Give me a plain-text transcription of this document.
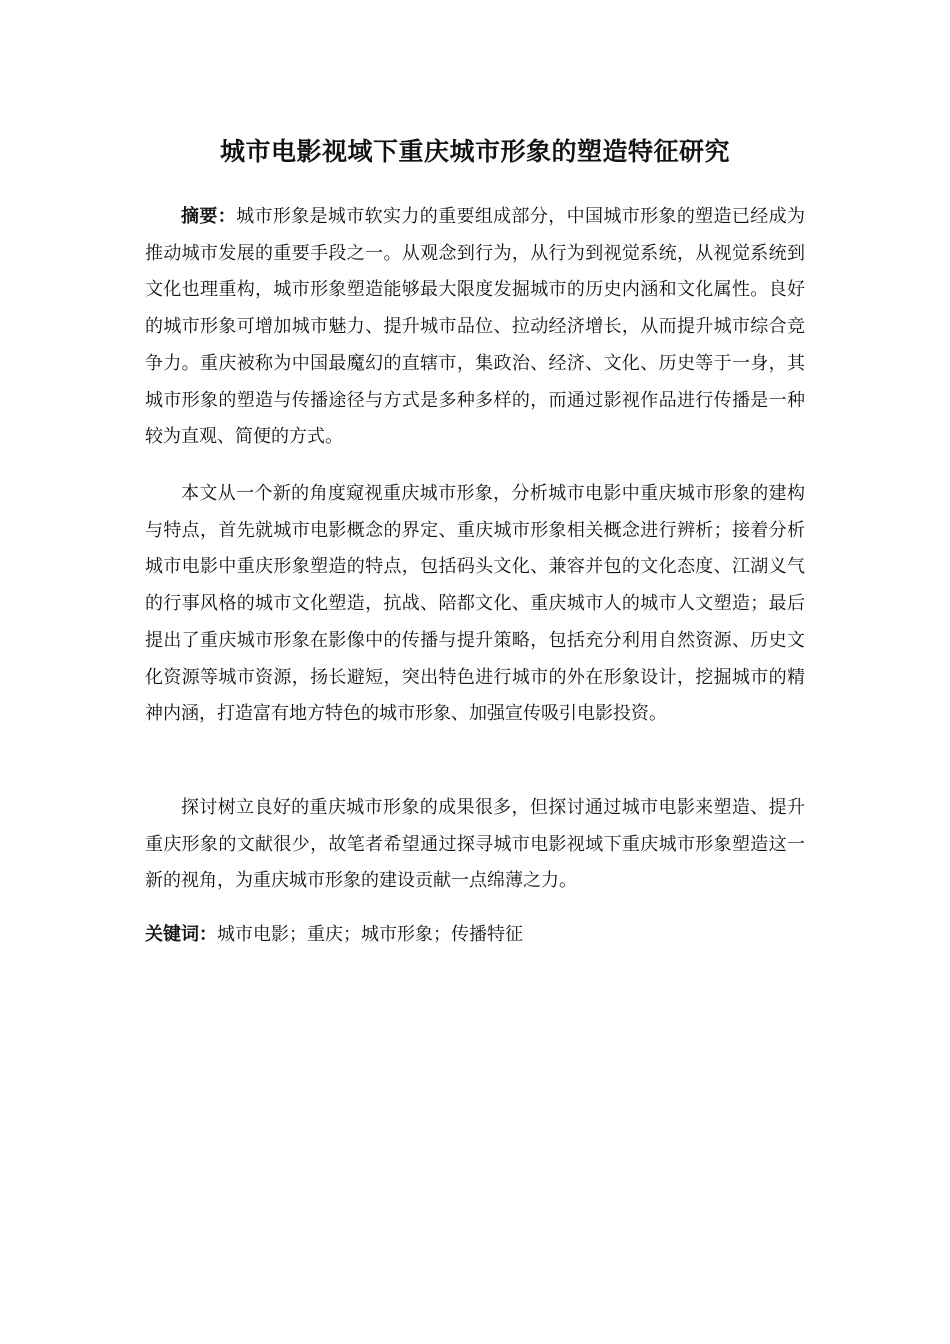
城市电影视域下重庆城市形象的塑造特征研究

摘要：城市形象是城市软实力的重要组成部分，中国城市形象的塑造已经成为推动城市发展的重要手段之一。从观念到行为，从行为到视觉系统，从视觉系统到文化也理重构，城市形象塑造能够最大限度发掘城市的历史内涵和文化属性。良好的城市形象可增加城市魅力、提升城市品位、拉动经济增长，从而提升城市综合竞争力。重庆被称为中国最魔幻的直辖市，集政治、经济、文化、历史等于一身，其城市形象的塑造与传播途径与方式是多种多样的，而通过影视作品进行传播是一种较为直观、简便的方式。

本文从一个新的角度窥视重庆城市形象，分析城市电影中重庆城市形象的建构与特点，首先就城市电影概念的界定、重庆城市形象相关概念进行辨析；接着分析城市电影中重庆形象塑造的特点，包括码头文化、兼容并包的文化态度、江湖义气的行事风格的城市文化塑造，抗战、陪都文化、重庆城市人的城市人文塑造；最后提出了重庆城市形象在影像中的传播与提升策略，包括充分利用自然资源、历史文化资源等城市资源，扬长避短，突出特色进行城市的外在形象设计，挖掘城市的精神内涵，打造富有地方特色的城市形象、加强宣传吸引电影投资。

探讨树立良好的重庆城市形象的成果很多，但探讨通过城市电影来塑造、提升重庆形象的文献很少，故笔者希望通过探寻城市电影视域下重庆城市形象塑造这一新的视角，为重庆城市形象的建设贡献一点绵薄之力。

关键词：城市电影；重庆；城市形象；传播特征
